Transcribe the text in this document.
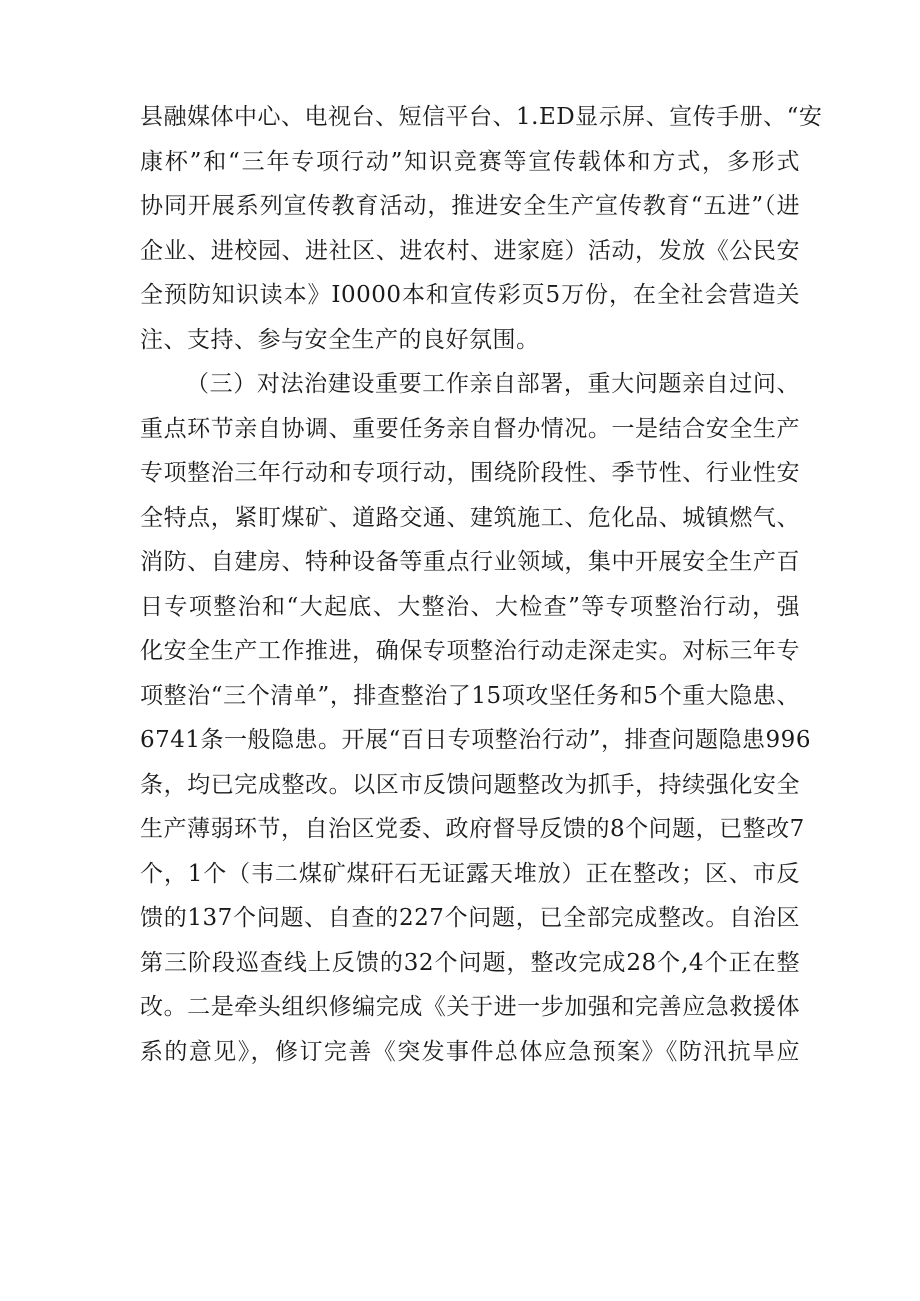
县融媒体中心、电视台、短信平台、1.ED显示屏、宣传手册、“安
康杯”和“三年专项行动”知识竞赛等宣传载体和方式，多形式
协同开展系列宣传教育活动，推进安全生产宣传教育“五进”（进
企业、进校园、进社区、进农村、进家庭）活动，发放《公民安
全预防知识读本》I0000本和宣传彩页5万份，在全社会营造关
注、支持、参与安全生产的良好氛围。
（三）对法治建设重要工作亲自部署，重大问题亲自过问、
重点环节亲自协调、重要任务亲自督办情况。一是结合安全生产
专项整治三年行动和专项行动，围绕阶段性、季节性、行业性安
全特点，紧盯煤矿、道路交通、建筑施工、危化品、城镇燃气、
消防、自建房、特种设备等重点行业领域，集中开展安全生产百
日专项整治和“大起底、大整治、大检查”等专项整治行动，强
化安全生产工作推进，确保专项整治行动走深走实。对标三年专
项整治“三个清单”，排查整治了15项攻坚任务和5个重大隐患、
6741条一般隐患。开展“百日专项整治行动”，排查问题隐患996
条，均已完成整改。以区市反馈问题整改为抓手，持续强化安全
生产薄弱环节，自治区党委、政府督导反馈的8个问题，已整改7
个，1个（韦二煤矿煤矸石无证露天堆放）正在整改；区、市反
馈的137个问题、自查的227个问题，已全部完成整改。自治区
第三阶段巡查线上反馈的32个问题，整改完成28个,4个正在整
改。二是牵头组织修编完成《关于进一步加强和完善应急救援体
系的意见》，修订完善《突发事件总体应急预案》《防汛抗旱应
